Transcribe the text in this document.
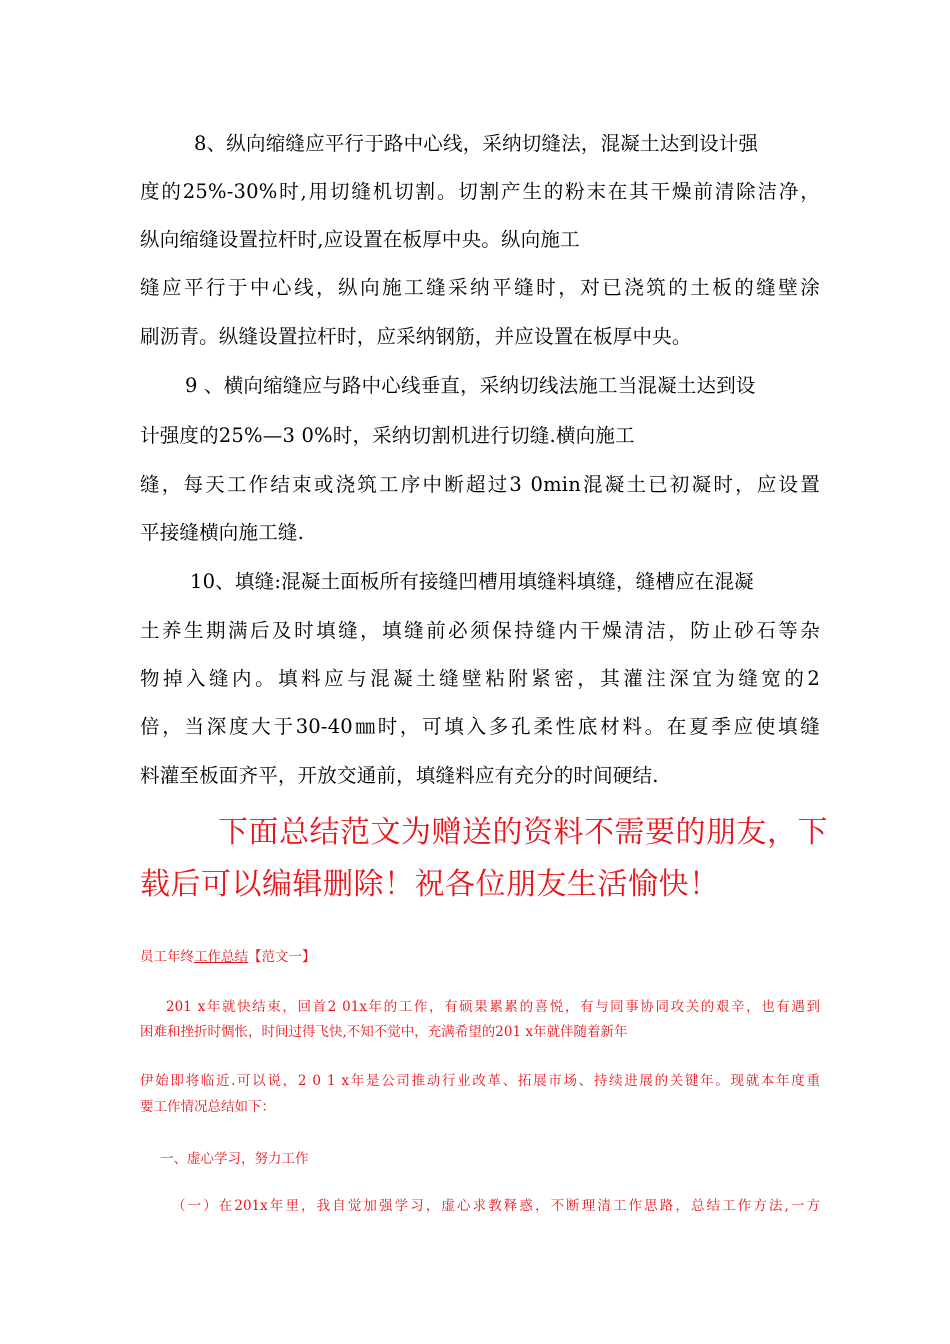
8、纵向缩缝应平行于路中心线，采纳切缝法，混凝土达到设计强
度的25%-30%时,用切缝机切割。切割产生的粉末在其干燥前清除洁净，
纵向缩缝设置拉杆时,应设置在板厚中央。纵向施工
缝应平行于中心线，纵向施工缝采纳平缝时，对已浇筑的土板的缝壁涂
刷沥青。纵缝设置拉杆时，应采纳钢筋，并应设置在板厚中央。
9 、横向缩缝应与路中心线垂直，采纳切线法施工当混凝土达到设
计强度的25%—3 0%时，采纳切割机进行切缝.横向施工
缝，每天工作结束或浇筑工序中断超过3 0min混凝土已初凝时，应设置
平接缝横向施工缝.
10、填缝:混凝土面板所有接缝凹槽用填缝料填缝，缝槽应在混凝
土养生期满后及时填缝，填缝前必须保持缝内干燥清洁，防止砂石等杂
物掉入缝内。填料应与混凝土缝壁粘附紧密，其灌注深宜为缝宽的2
倍，当深度大于30-40㎜时，可填入多孔柔性底材料。在夏季应使填缝
料灌至板面齐平，开放交通前，填缝料应有充分的时间硬结.
下面总结范文为赠送的资料不需要的朋友，下
载后可以编辑删除！祝各位朋友生活愉快！
员工年终工作总结【范文一】
201 x年就快结束，回首2 01x年的工作，有硕果累累的喜悦，有与同事协同攻关的艰辛，也有遇到
困难和挫折时惆怅，时间过得飞快,不知不觉中，充满希望的201 x年就伴随着新年
伊始即将临近.可以说，2 0 1 x年是公司推动行业改革、拓展市场、持续进展的关键年。现就本年度重
要工作情况总结如下：
一、虚心学习，努力工作
（一）在201x年里，我自觉加强学习，虚心求教释惑，不断理清工作思路，总结工作方法,一方
